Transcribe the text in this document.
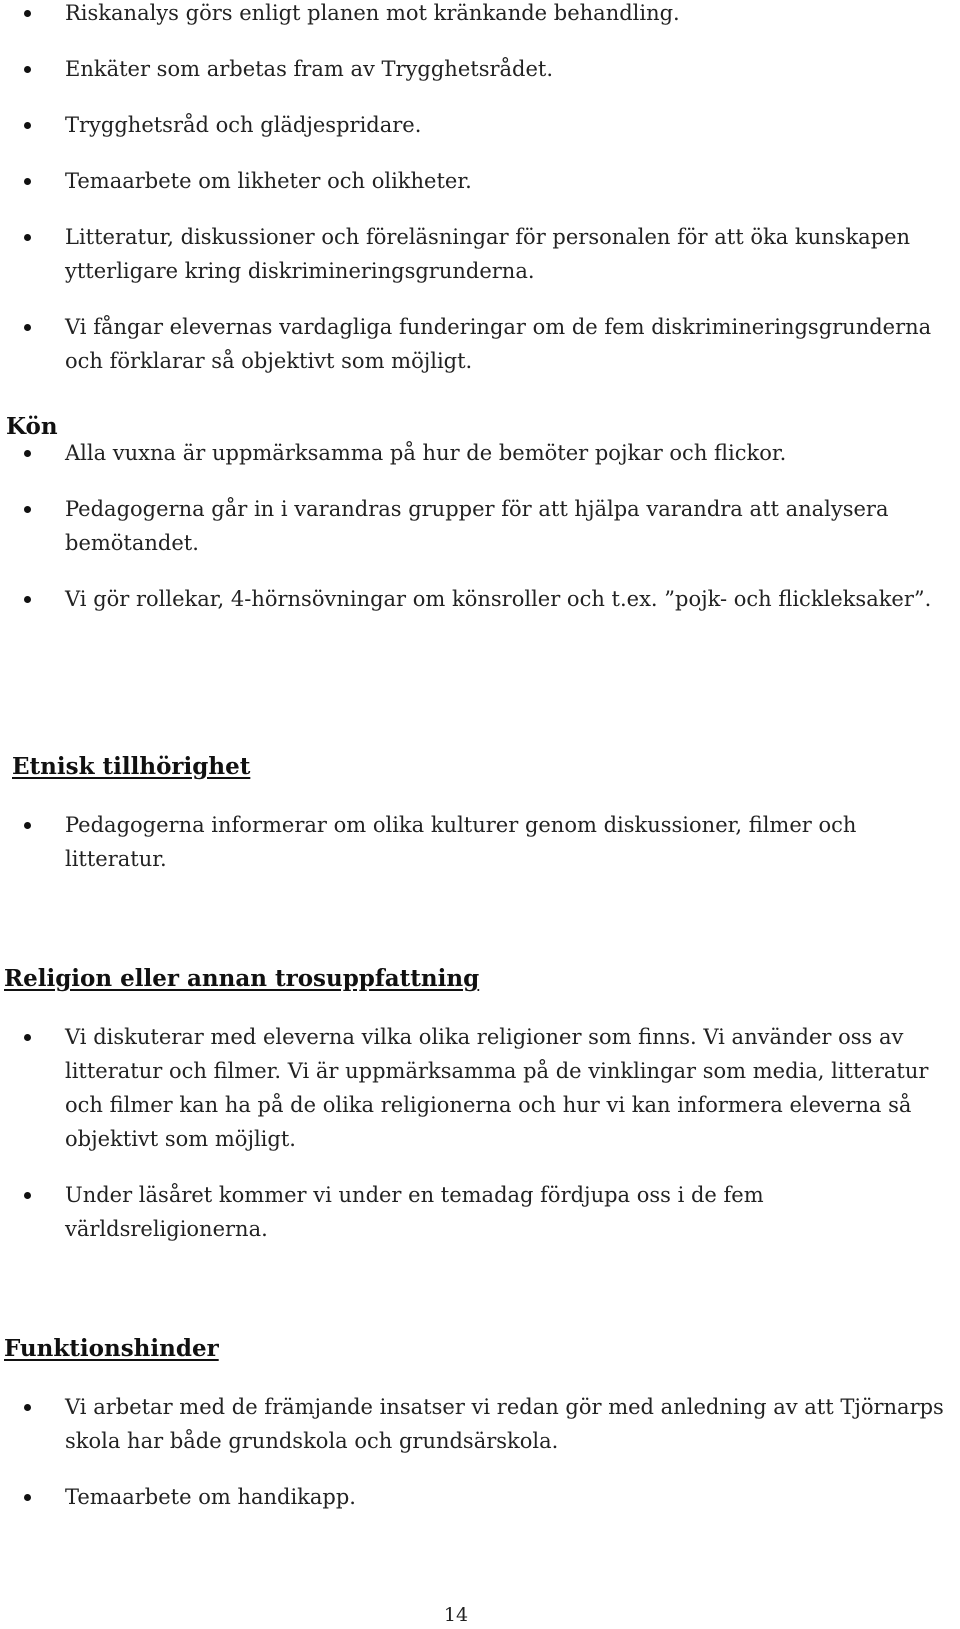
Riskanalys görs enligt planen mot kränkande behandling.
Enkäter som arbetas fram av Trygghetsrådet.
Trygghetsråd och glädjespridare.
Temaarbete om likheter och olikheter.
Litteratur, diskussioner och föreläsningar för personalen för att öka kunskapen ytterligare kring diskrimineringsgrunderna.
Vi fångar elevernas vardagliga funderingar om de fem diskrimineringsgrunderna och förklarar så objektivt som möjligt.
Kön
Alla vuxna är uppmärksamma på hur de bemöter pojkar och flickor.
Pedagogerna går in i varandras grupper för att hjälpa varandra att analysera bemötandet.
Vi gör rollekar, 4-hörnsövningar om könsroller och t.ex. ”pojk- och flickleksaker”.
Etnisk tillhörighet
Pedagogerna informerar om olika kulturer genom diskussioner, filmer och litteratur.
Religion eller annan trosuppfattning
Vi diskuterar med eleverna vilka olika religioner som finns. Vi använder oss av litteratur och filmer. Vi är uppmärksamma på de vinklingar som media, litteratur och filmer kan ha på de olika religionerna och hur vi kan informera eleverna så objektivt som möjligt.
Under läsåret kommer vi under en temadag fördjupa oss i de fem världsreligionerna.
Funktionshinder
Vi arbetar med de främjande insatser vi redan gör med anledning av att Tjörnarps skola har både grundskola och grundsärskola.
Temaarbete om handikapp.
14
